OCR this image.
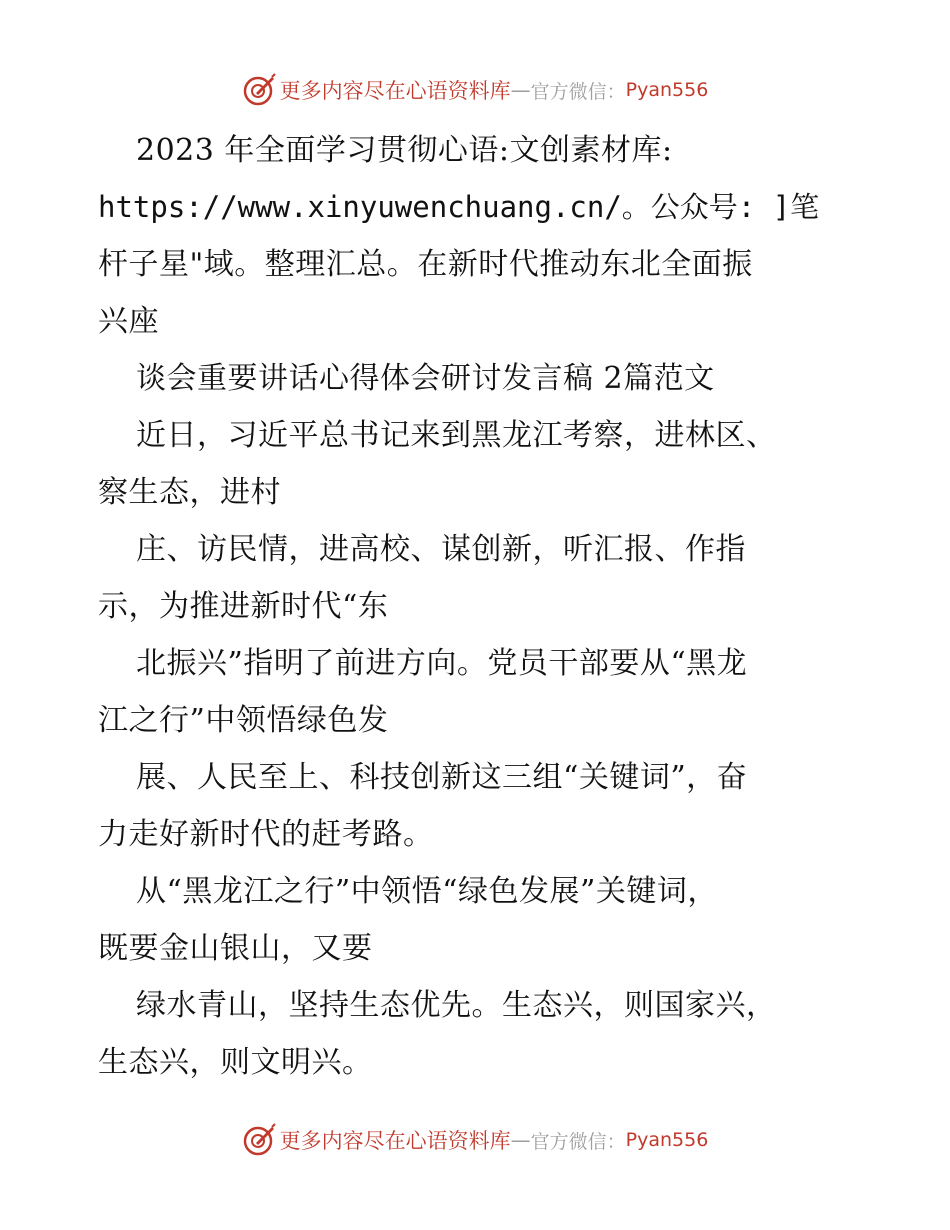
更多内容尽在心语资料库 — 官方微信： Pyan556
2023 年全面学习贯彻心语:文创素材库:
https://www.xinyuwenchuang.cn/。公众号: ]笔
杆子星"域。整理汇总。在新时代推动东北全面振
兴座
谈会重要讲话心得体会研讨发言稿 2篇范文
近日，习近平总书记来到黑龙江考察，进林区、
察生态，进村
庄、访民情，进高校、谋创新，听汇报、作指
示，为推进新时代“东
北振兴”指明了前进方向。党员干部要从“黑龙
江之行”中领悟绿色发
展、人民至上、科技创新这三组“关键词”，奋
力走好新时代的赶考路。
从“黑龙江之行”中领悟“绿色发展”关键词，
既要金山银山，又要
绿水青山，坚持生态优先。生态兴，则国家兴，
生态兴，则文明兴。
更多内容尽在心语资料库 — 官方微信： Pyan556
